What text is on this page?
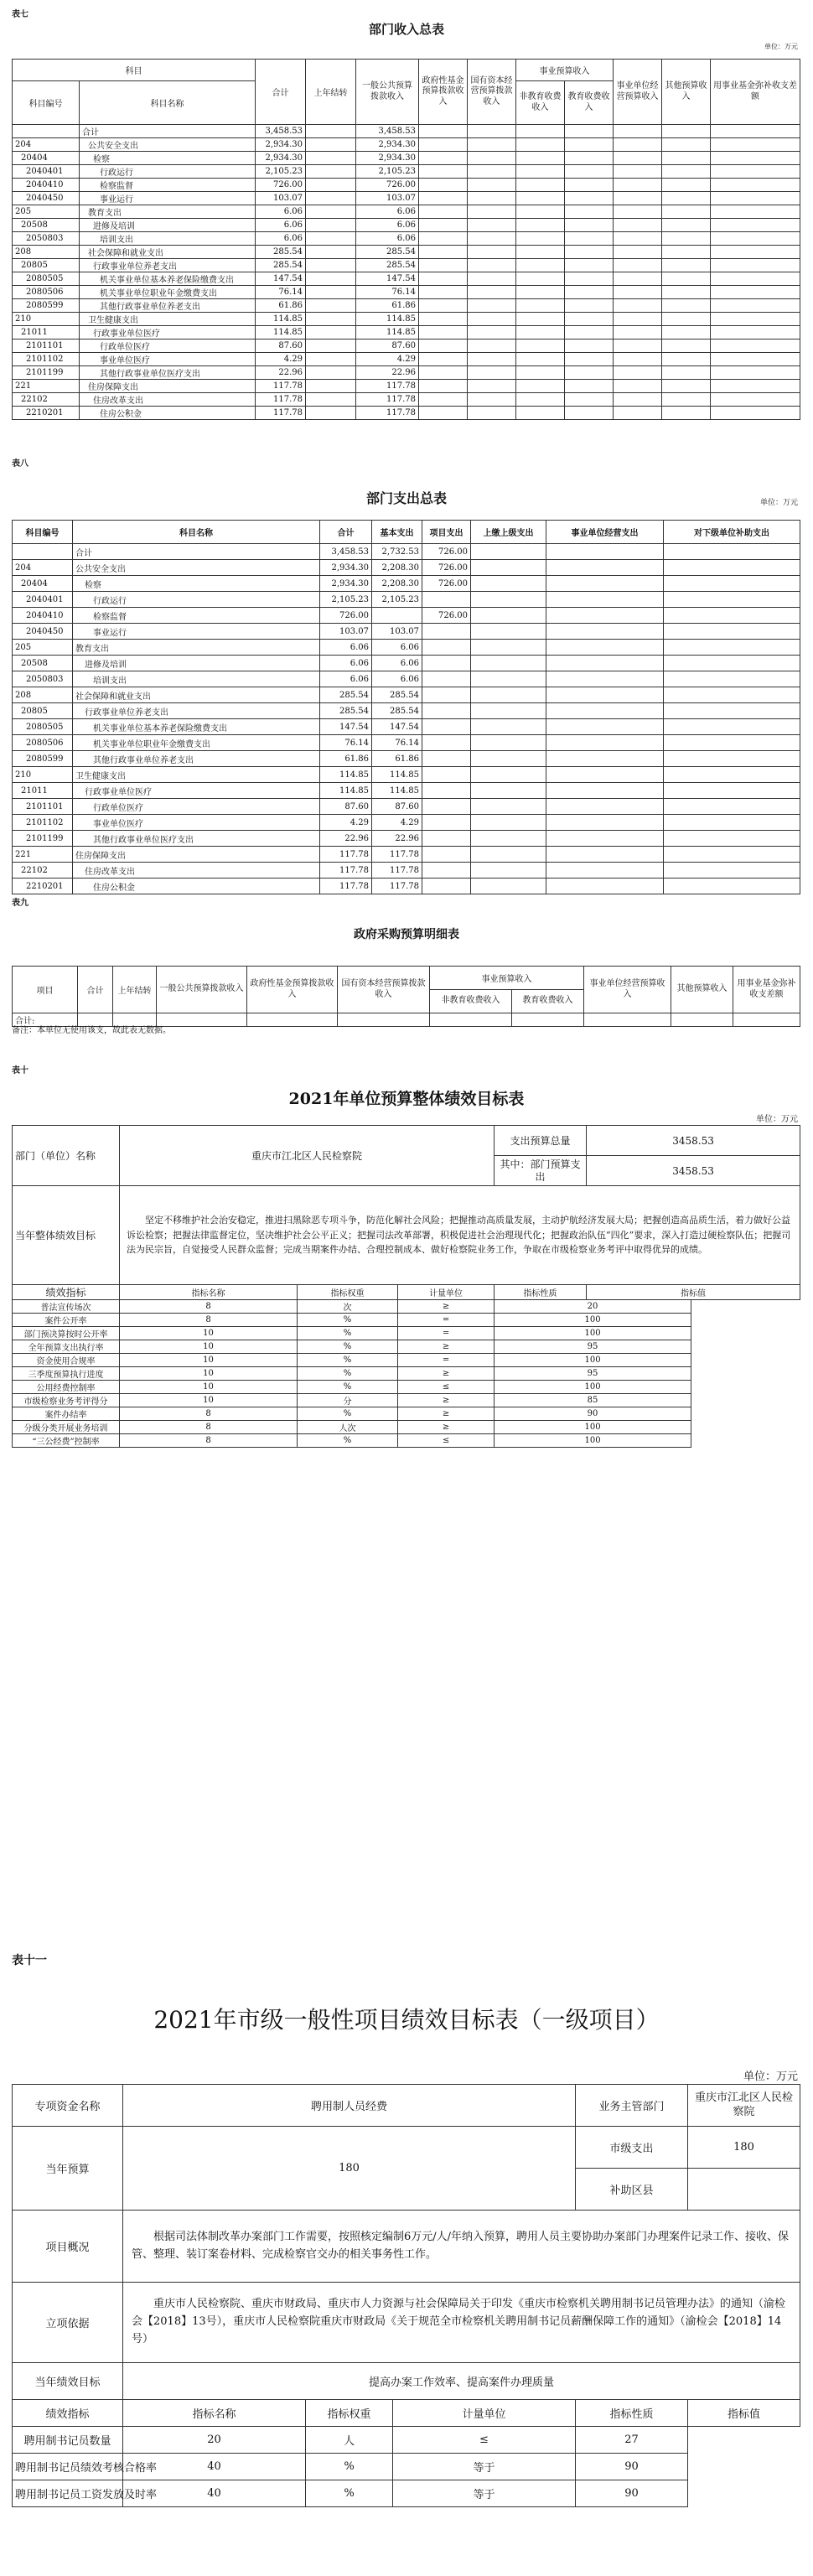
表七
部门收入总表
单位：万元
科目		合计	上年结转	一般公共预算拨款收入	政府性基金预算拨款收入	国有资本经营预算拨款收入	事业预算收入		事业单位经营预算收入	其他预算收入	用事业基金弥补收支差额
科目编号	科目名称						非教育收费收入	教育收费收入			

	合计	3,458.53		3,458.53							
204	公共安全支出	2,934.30		2,934.30							
20404	检察	2,934.30		2,934.30							
2040401	行政运行	2,105.23		2,105.23							
2040410	检察监督	726.00		726.00							
2040450	事业运行	103.07		103.07							
205	教育支出	6.06		6.06							
20508	进修及培训	6.06		6.06							
2050803	培训支出	6.06		6.06							
208	社会保障和就业支出	285.54		285.54							
20805	行政事业单位养老支出	285.54		285.54							
2080505	机关事业单位基本养老保险缴费支出	147.54		147.54							
2080506	机关事业单位职业年金缴费支出	76.14		76.14							
2080599	其他行政事业单位养老支出	61.86		61.86							
210	卫生健康支出	114.85		114.85							
21011	行政事业单位医疗	114.85		114.85							
2101101	行政单位医疗	87.60		87.60							
2101102	事业单位医疗	4.29		4.29							
2101199	其他行政事业单位医疗支出	22.96		22.96							
221	住房保障支出	117.78		117.78							
22102	住房改革支出	117.78		117.78							
2210201	住房公积金	117.78		117.78							
表八
部门支出总表	单位：万元
科目编号	科目名称	合计	基本支出	项目支出	上缴上级支出	事业单位经营支出	对下级单位补助支出
	合计	3,458.53	2,732.53	726.00			
204	公共安全支出	2,934.30	2,208.30	726.00			
20404	检察	2,934.30	2,208.30	726.00			
2040401	行政运行	2,105.23	2,105.23				
2040410	检察监督	726.00		726.00			
2040450	事业运行	103.07	103.07				
205	教育支出	6.06	6.06				
20508	进修及培训	6.06	6.06				
2050803	培训支出	6.06	6.06				
208	社会保障和就业支出	285.54	285.54				
20805	行政事业单位养老支出	285.54	285.54				
2080505	机关事业单位基本养老保险缴费支出	147.54	147.54				
2080506	机关事业单位职业年金缴费支出	76.14	76.14				
2080599	其他行政事业单位养老支出	61.86	61.86				
210	卫生健康支出	114.85	114.85				
21011	行政事业单位医疗	114.85	114.85				
2101101	行政单位医疗	87.60	87.60				
2101102	事业单位医疗	4.29	4.29				
2101199	其他行政事业单位医疗支出	22.96	22.96				
221	住房保障支出	117.78	117.78				
22102	住房改革支出	117.78	117.78				
2210201	住房公积金	117.78	117.78				
表九
政府采购预算明细表
项目	合计	上年结转	一般公共预算拨款收入	政府性基金预算拨款收入	国有资本经营预算拨款收入	事业预算收入		事业单位经营预算收入	其他预算收入	用事业基金弥补收支差额
						非教育收费收入	教育收费收入			
合计:										

备注：本单位无使用该支，故此表无数据。

表十
2021年单位预算整体绩效目标表
单位：万元
部门（单位）名称	重庆市江北区人民检察院			支出预算总量	3458.53
				其中：部门预算支出	3458.53
当年整体绩效目标	坚定不移维护社会治安稳定，推进扫黑除恶专项斗争，防范化解社会风险；把握推动高质量发展，主动护航经济发展大局；把握创造高品质生活，着力做好公益诉讼检察；把握法律监督定位，坚决维护社会公平正义；把握司法改革部署，积极促进社会治理现代化；把握政治队伍“四化”要求，深入打造过硬检察队伍；把握司法为民宗旨，自觉接受人民群众监督；完成当期案件办结、合理控制成本、做好检察院业务工作，争取在市级检察业务考评中取得优异的成绩。				
绩效指标	指标名称	指标权重	计量单位	指标性质	指标值
普法宣传场次	8	次	≥	20	
案件公开率	8	%	=	100	
部门预决算按时公开率	10	%	=	100	
全年预算支出执行率	10	%	≥	95	
资金使用合规率	10	%	=	100	
三季度预算执行进度	10	%	≥	95	
公用经费控制率	10	%	≤	100	
市级检察业务考评得分	10	分	≥	85	
案件办结率	8	%	≥	90	
分级分类开展业务培训	8	人次	≥	100	
“三公经费”控制率	8	%	≤	100	
表十一
2021年市级一般性项目绩效目标表（一级项目）
单位：万元
专项资金名称	聘用制人员经费			业务主管部门	重庆市江北区人民检察院
当年预算	180			市级支出	180
				补助区县	
项目概况	根据司法体制改革办案部门工作需要，按照核定编制6万元/人/年纳入预算，聘用人员主要协助办案部门办理案件记录工作、接收、保管、整理、装订案卷材料、完成检察官交办的相关事务性工作。				
立项依据	重庆市人民检察院、重庆市财政局、重庆市人力资源与社会保障局关于印发《重庆市检察机关聘用制书记员管理办法》的通知（渝检会【2018】13号），重庆市人民检察院重庆市财政局《关于规范全市检察机关聘用制书记员薪酬保障工作的通知》（渝检会【2018】14号）				
当年绩效目标	提高办案工作效率、提高案件办理质量				
绩效指标	指标名称	指标权重	计量单位	指标性质	指标值
聘用制书记员数量	20	人	≤	27	
聘用制书记员绩效考核合格率	40	%	等于	90	
聘用制书记员工资发放及时率	40	%	等于	90	
